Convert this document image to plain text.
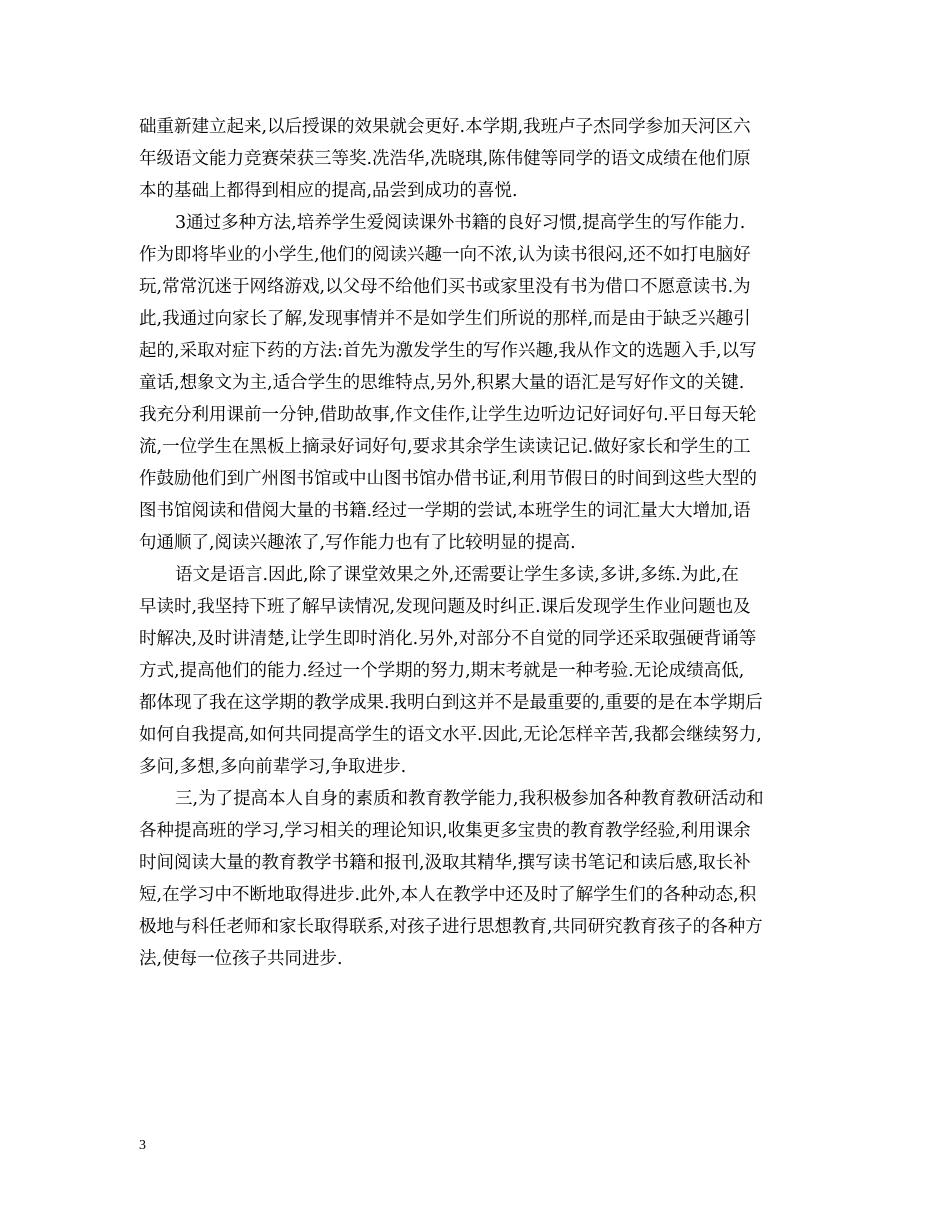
础重新建立起来,以后授课的效果就会更好.本学期,我班卢子杰同学参加天河区六
年级语文能力竞赛荣获三等奖.冼浩华,冼晓琪,陈伟健等同学的语文成绩在他们原
本的基础上都得到相应的提高,品尝到成功的喜悦.

3通过多种方法,培养学生爱阅读课外书籍的良好习惯,提高学生的写作能力.
作为即将毕业的小学生,他们的阅读兴趣一向不浓,认为读书很闷,还不如打电脑好
玩,常常沉迷于网络游戏,以父母不给他们买书或家里没有书为借口不愿意读书.为
此,我通过向家长了解,发现事情并不是如学生们所说的那样,而是由于缺乏兴趣引
起的,采取对症下药的方法:首先为激发学生的写作兴趣,我从作文的选题入手,以写
童话,想象文为主,适合学生的思维特点,另外,积累大量的语汇是写好作文的关键.
我充分利用课前一分钟,借助故事,作文佳作,让学生边听边记好词好句.平日每天轮
流,一位学生在黑板上摘录好词好句,要求其余学生读读记记.做好家长和学生的工
作鼓励他们到广州图书馆或中山图书馆办借书证,利用节假日的时间到这些大型的
图书馆阅读和借阅大量的书籍.经过一学期的尝试,本班学生的词汇量大大增加,语
句通顺了,阅读兴趣浓了,写作能力也有了比较明显的提高.

语文是语言.因此,除了课堂效果之外,还需要让学生多读,多讲,多练.为此,在
早读时,我坚持下班了解早读情况,发现问题及时纠正.课后发现学生作业问题也及
时解决,及时讲清楚,让学生即时消化.另外,对部分不自觉的同学还采取强硬背诵等
方式,提高他们的能力.经过一个学期的努力,期末考就是一种考验.无论成绩高低,
都体现了我在这学期的教学成果.我明白到这并不是最重要的,重要的是在本学期后
如何自我提高,如何共同提高学生的语文水平.因此,无论怎样辛苦,我都会继续努力,
多问,多想,多向前辈学习,争取进步.

三,为了提高本人自身的素质和教育教学能力,我积极参加各种教育教研活动和
各种提高班的学习,学习相关的理论知识,收集更多宝贵的教育教学经验,利用课余
时间阅读大量的教育教学书籍和报刊,汲取其精华,撰写读书笔记和读后感,取长补
短,在学习中不断地取得进步.此外,本人在教学中还及时了解学生们的各种动态,积
极地与科任老师和家长取得联系,对孩子进行思想教育,共同研究教育孩子的各种方
法,使每一位孩子共同进步.

3
